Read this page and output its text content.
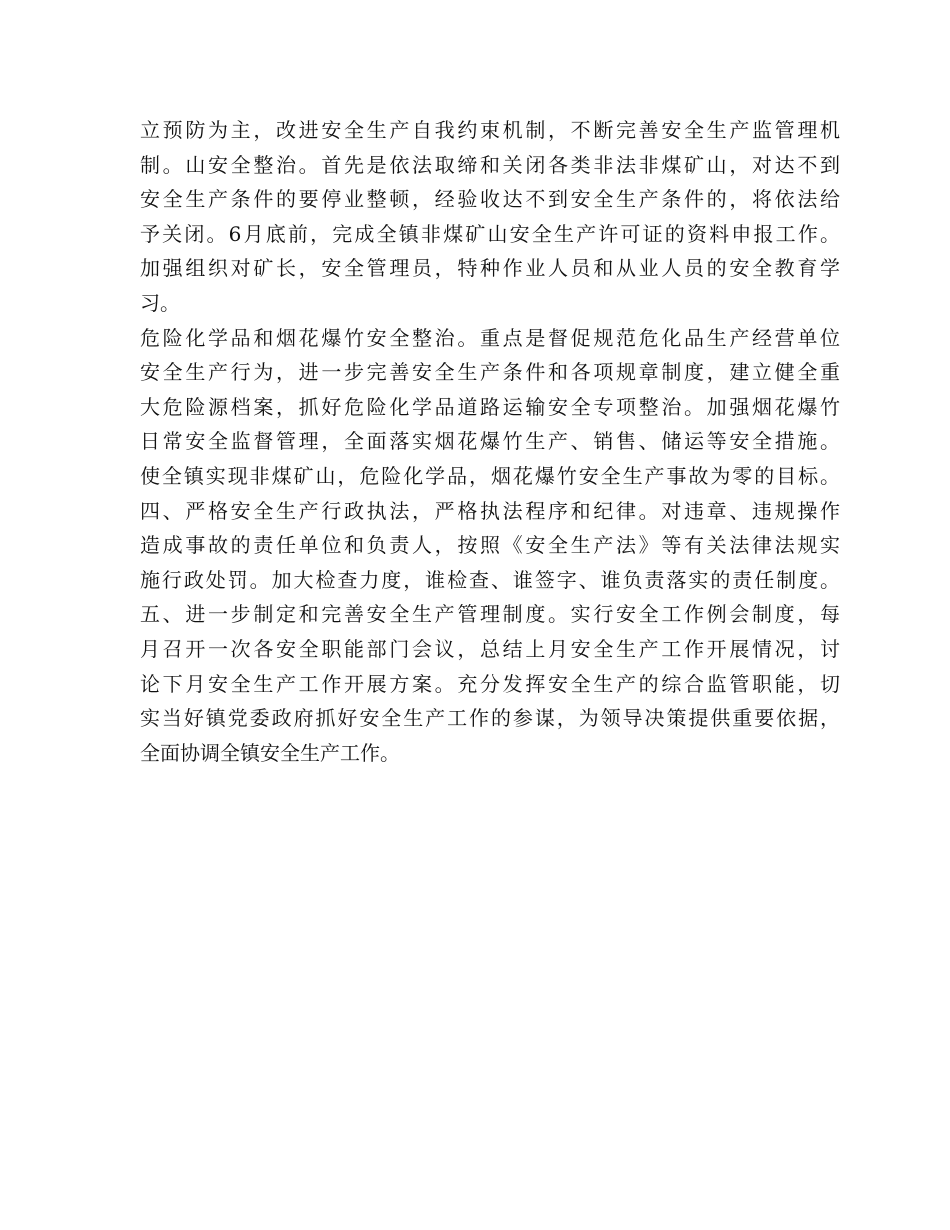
立预防为主，改进安全生产自我约束机制，不断完善安全生产监管理机
制。山安全整治。首先是依法取缔和关闭各类非法非煤矿山，对达不到
安全生产条件的要停业整顿，经验收达不到安全生产条件的，将依法给
予关闭。6月底前，完成全镇非煤矿山安全生产许可证的资料申报工作。
加强组织对矿长，安全管理员，特种作业人员和从业人员的安全教育学
习。
危险化学品和烟花爆竹安全整治。重点是督促规范危化品生产经营单位
安全生产行为，进一步完善安全生产条件和各项规章制度，建立健全重
大危险源档案，抓好危险化学品道路运输安全专项整治。加强烟花爆竹
日常安全监督管理，全面落实烟花爆竹生产、销售、储运等安全措施。
使全镇实现非煤矿山，危险化学品，烟花爆竹安全生产事故为零的目标。
四、严格安全生产行政执法，严格执法程序和纪律。对违章、违规操作
造成事故的责任单位和负责人，按照《安全生产法》等有关法律法规实
施行政处罚。加大检查力度，谁检查、谁签字、谁负责落实的责任制度。
五、进一步制定和完善安全生产管理制度。实行安全工作例会制度，每
月召开一次各安全职能部门会议，总结上月安全生产工作开展情况，讨
论下月安全生产工作开展方案。充分发挥安全生产的综合监管职能，切
实当好镇党委政府抓好安全生产工作的参谋，为领导决策提供重要依据，
全面协调全镇安全生产工作。
